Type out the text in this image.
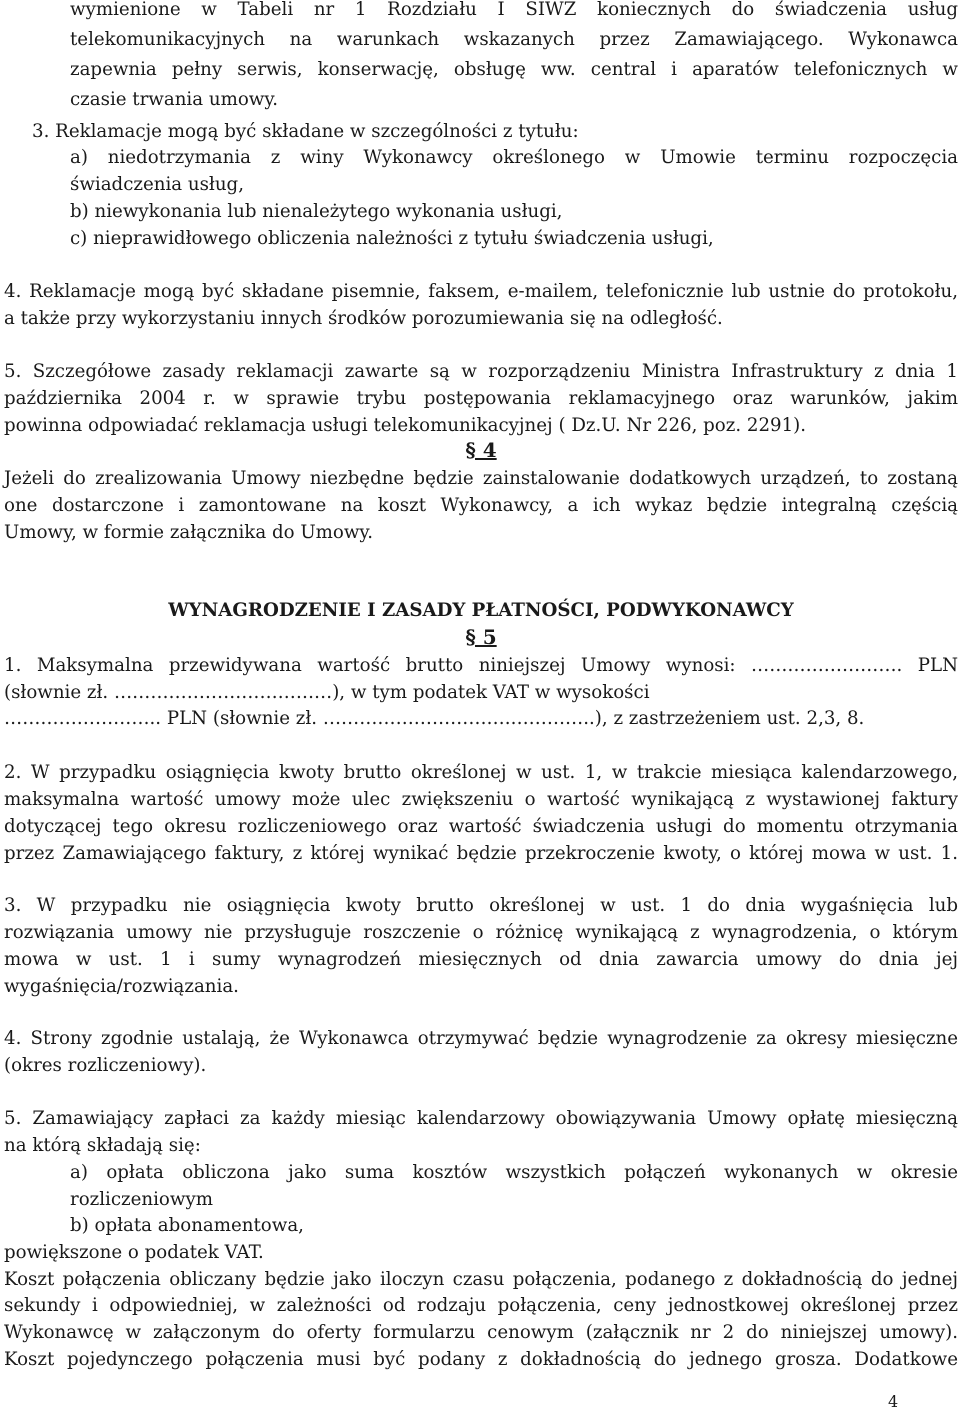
wymienione w Tabeli nr 1 Rozdziału I SIWZ koniecznych do świadczenia usług
telekomunikacyjnych na warunkach wskazanych przez Zamawiającego. Wykonawca
zapewnia pełny serwis, konserwację, obsługę ww. central i aparatów telefonicznych w
czasie trwania umowy.
3. Reklamacje mogą być składane w szczególności z tytułu:
a) niedotrzymania z winy Wykonawcy określonego w Umowie terminu rozpoczęcia
świadczenia usług,
b) niewykonania lub nienależytego wykonania usługi,
c) nieprawidłowego obliczenia należności z tytułu świadczenia usługi,
4. Reklamacje mogą być składane pisemnie, faksem, e-mailem, telefonicznie lub ustnie do protokołu,
a także przy wykorzystaniu innych środków porozumiewania się na odległość.
5. Szczegółowe zasady reklamacji zawarte są w rozporządzeniu Ministra Infrastruktury z dnia 1
października 2004 r. w sprawie trybu postępowania reklamacyjnego oraz warunków, jakim
powinna odpowiadać reklamacja usługi telekomunikacyjnej ( Dz.U. Nr 226, poz. 2291).
§ 4
Jeżeli do zrealizowania Umowy niezbędne będzie zainstalowanie dodatkowych urządzeń, to zostaną
one dostarczone i zamontowane na koszt Wykonawcy, a ich wykaz będzie integralną częścią
Umowy, w formie załącznika do Umowy.
WYNAGRODZENIE I ZASADY PŁATNOŚCI, PODWYKONAWCY
§ 5
1. Maksymalna przewidywana wartość brutto niniejszej Umowy wynosi: ……………………. PLN
(słownie zł. ………………………………), w tym podatek VAT w wysokości
…………………….. PLN (słownie zł. ………………………….…………..), z zastrzeżeniem ust. 2,3, 8.
2. W przypadku osiągnięcia kwoty brutto określonej w ust. 1, w trakcie miesiąca kalendarzowego,
maksymalna wartość umowy może ulec zwiększeniu o wartość wynikającą z wystawionej faktury
dotyczącej tego okresu rozliczeniowego oraz wartość świadczenia usługi do momentu otrzymania
przez Zamawiającego faktury, z której wynikać będzie przekroczenie kwoty, o której mowa w ust. 1.
3. W przypadku nie osiągnięcia kwoty brutto określonej w ust. 1 do dnia wygaśnięcia lub
rozwiązania umowy nie przysługuje roszczenie o różnicę wynikającą z wynagrodzenia, o którym
mowa w ust. 1 i sumy wynagrodzeń miesięcznych od dnia zawarcia umowy do dnia jej
wygaśnięcia/rozwiązania.
4. Strony zgodnie ustalają, że Wykonawca otrzymywać będzie wynagrodzenie za okresy miesięczne
(okres rozliczeniowy).
5. Zamawiający zapłaci za każdy miesiąc kalendarzowy obowiązywania Umowy opłatę miesięczną
na którą składają się:
a) opłata obliczona jako suma kosztów wszystkich połączeń wykonanych w okresie
rozliczeniowym
b) opłata abonamentowa,
powiększone o podatek VAT.
Koszt połączenia obliczany będzie jako iloczyn czasu połączenia, podanego z dokładnością do jednej
sekundy i odpowiedniej, w zależności od rodzaju połączenia, ceny jednostkowej określonej przez
Wykonawcę w załączonym do oferty formularzu cenowym (załącznik nr 2 do niniejszej umowy).
Koszt pojedynczego połączenia musi być podany z dokładnością do jednego grosza. Dodatkowe
4
